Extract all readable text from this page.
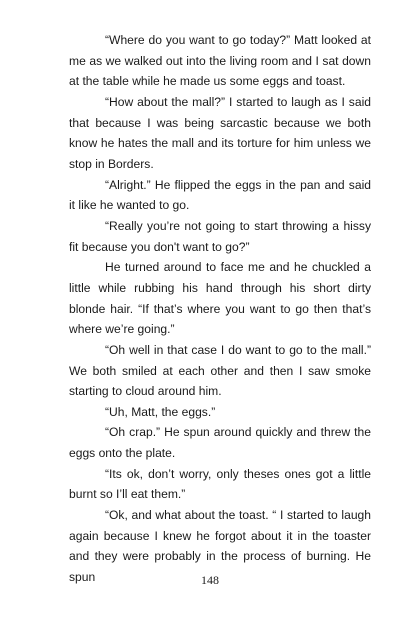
“Where do you want to go today?” Matt looked at me as we walked out into the living room and I sat down at the table while he made us some eggs and toast.

“How about the mall?” I started to laugh as I said that because I was being sarcastic because we both know he hates the mall and its torture for him unless we stop in Borders.

“Alright.” He flipped the eggs in the pan and said it like he wanted to go.

“Really you’re not going to start throwing a hissy fit because you don't want to go?”

He turned around to face me and he chuckled a little while rubbing his hand through his short dirty blonde hair. “If that’s where you want to go then that’s where we’re going.”

“Oh well in that case I do want to go to the mall.” We both smiled at each other and then I saw smoke starting to cloud around him.

“Uh, Matt, the eggs.”

“Oh crap.” He spun around quickly and threw the eggs onto the plate.

“Its ok, don’t worry, only theses ones got a little burnt so I’ll eat them.”

“Ok, and what about the toast. “ I started to laugh again because I knew he forgot about it in the toaster and they were probably in the process of burning. He spun	148
